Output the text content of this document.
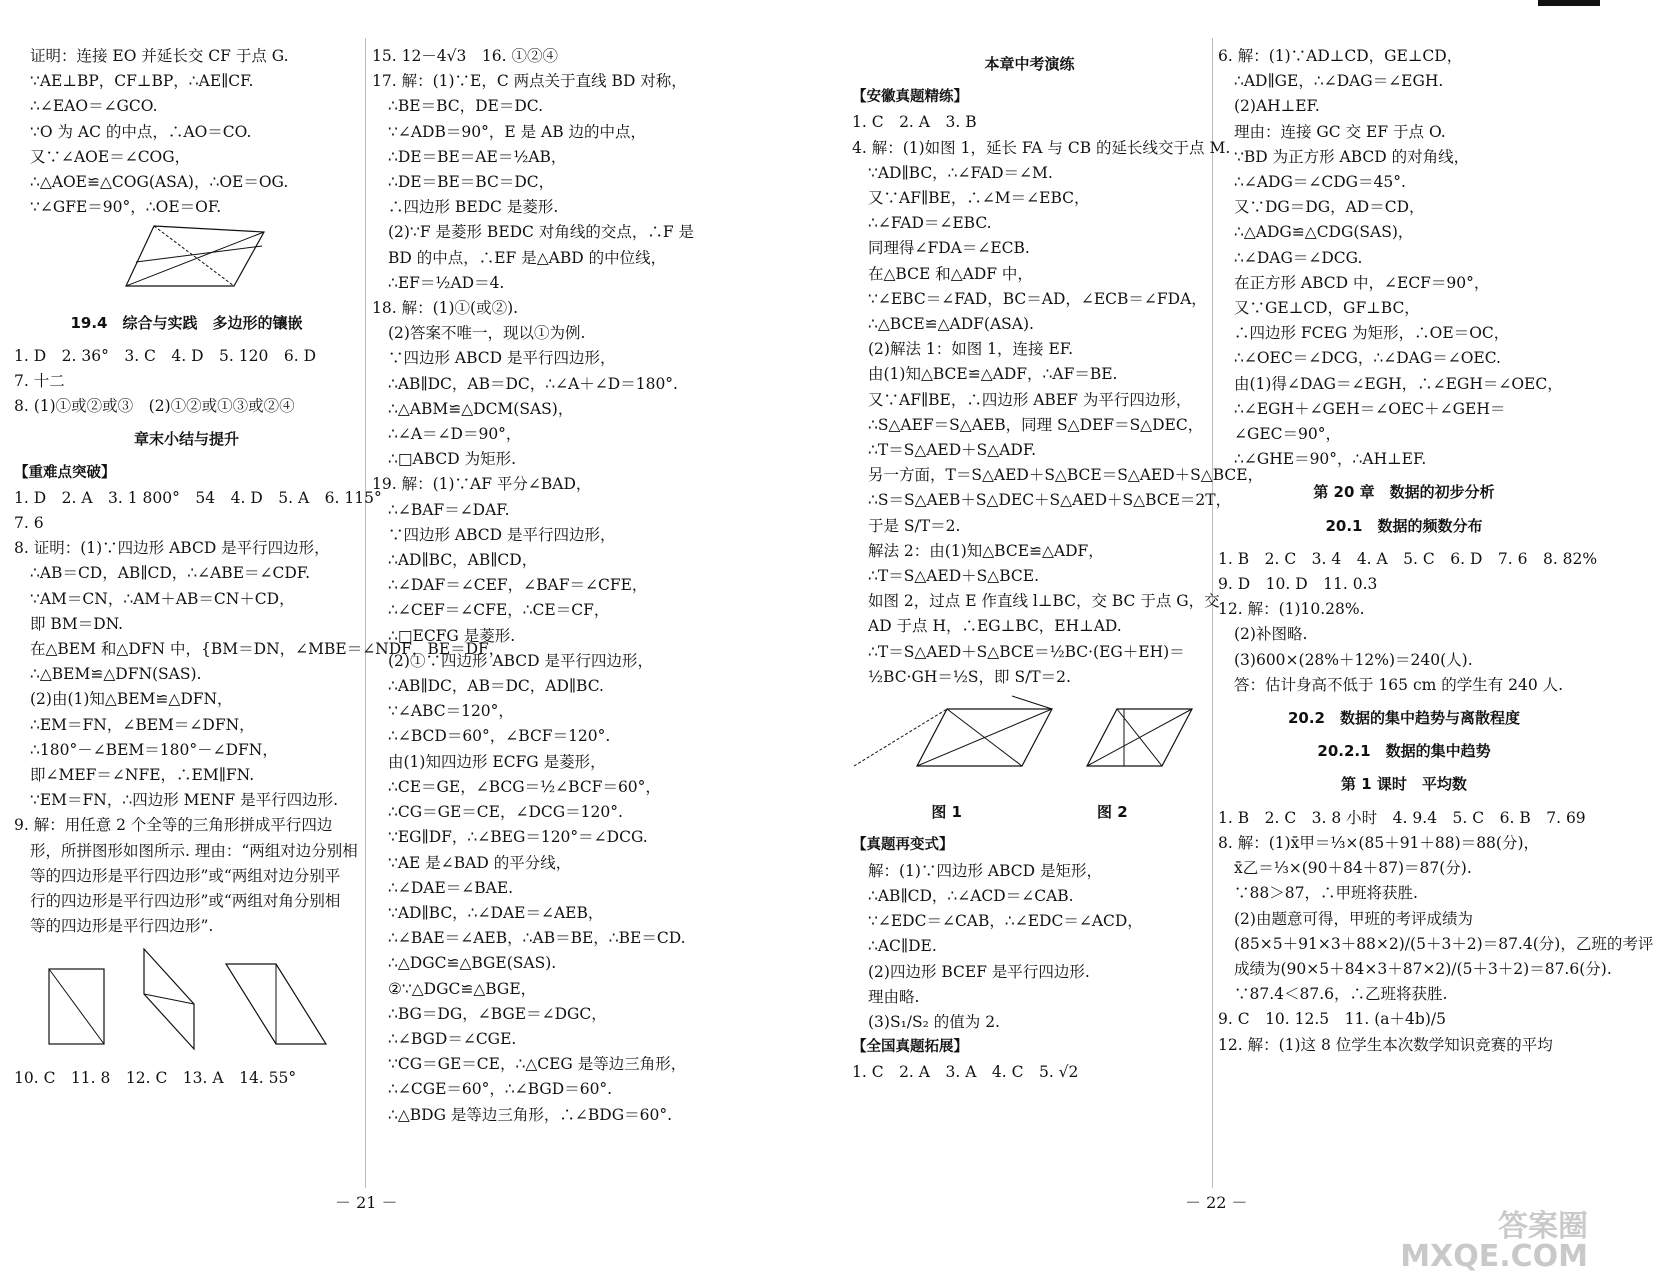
证明：连接 EO 并延长交 CF 于点 G.
∵AE⊥BP，CF⊥BP，∴AE∥CF.
∴∠EAO＝∠GCO.
∵O 为 AC 的中点，∴AO＝CO.
又∵∠AOE＝∠COG，
∴△AOE≌△COG(ASA)，∴OE＝OG.
∵∠GFE＝90°，∴OE＝OF.
19.4　综合与实践　多边形的镶嵌
1. D　2. 36°　3. C　4. D　5. 120　6. D
7. 十二
8. (1)①或②或③　(2)①②或①③或②④
章末小结与提升
【重难点突破】
1. D　2. A　3. 1 800°　54　4. D　5. A　6. 115°
7. 6
8. 证明：(1)∵四边形 ABCD 是平行四边形，
∴AB＝CD，AB∥CD，∴∠ABE＝∠CDF.
∵AM＝CN，∴AM＋AB＝CN＋CD，
即 BM＝DN.
在△BEM 和△DFN 中，{BM＝DN，∠MBE＝∠NDF，BE＝DF，
∴△BEM≌△DFN(SAS).
(2)由(1)知△BEM≌△DFN，
∴EM＝FN，∠BEM＝∠DFN，
∴180°－∠BEM＝180°－∠DFN，
即∠MEF＝∠NFE，∴EM∥FN.
∵EM＝FN，∴四边形 MENF 是平行四边形.
9. 解：用任意 2 个全等的三角形拼成平行四边
形，所拼图形如图所示. 理由：“两组对边分别相
等的四边形是平行四边形”或“两组对边分别平
行的四边形是平行四边形”或“两组对角分别相
等的四边形是平行四边形”.
10. C　11. 8　12. C　13. A　14. 55°
15. 12－4√3　16. ①②④
17. 解：(1)∵E，C 两点关于直线 BD 对称，
∴BE＝BC，DE＝DC.
∵∠ADB＝90°，E 是 AB 边的中点，
∴DE＝BE＝AE＝½AB，
∴DE＝BE＝BC＝DC，
∴四边形 BEDC 是菱形.
(2)∵F 是菱形 BEDC 对角线的交点，∴F 是
BD 的中点，∴EF 是△ABD 的中位线，
∴EF＝½AD＝4.
18. 解：(1)①(或②).
(2)答案不唯一，现以①为例.
∵四边形 ABCD 是平行四边形，
∴AB∥DC，AB＝DC，∴∠A＋∠D＝180°.
∴△ABM≌△DCM(SAS)，
∴∠A＝∠D＝90°，
∴□ABCD 为矩形.
19. 解：(1)∵AF 平分∠BAD，
∴∠BAF＝∠DAF.
∵四边形 ABCD 是平行四边形，
∴AD∥BC，AB∥CD，
∴∠DAF＝∠CEF，∠BAF＝∠CFE，
∴∠CEF＝∠CFE，∴CE＝CF，
∴□ECFG 是菱形.
(2)①∵四边形 ABCD 是平行四边形，
∴AB∥DC，AB＝DC，AD∥BC.
∵∠ABC＝120°，
∴∠BCD＝60°，∠BCF＝120°.
由(1)知四边形 ECFG 是菱形，
∴CE＝GE，∠BCG＝½∠BCF＝60°，
∴CG＝GE＝CE，∠DCG＝120°.
∵EG∥DF，∴∠BEG＝120°＝∠DCG.
∵AE 是∠BAD 的平分线，
∴∠DAE＝∠BAE.
∵AD∥BC，∴∠DAE＝∠AEB，
∴∠BAE＝∠AEB，∴AB＝BE，∴BE＝CD.
∴△DGC≌△BGE(SAS).
②∵△DGC≌△BGE，
∴BG＝DG，∠BGE＝∠DGC，
∴∠BGD＝∠CGE.
∵CG＝GE＝CE，∴△CEG 是等边三角形，
∴∠CGE＝60°，∴∠BGD＝60°.
∴△BDG 是等边三角形，∴∠BDG＝60°.
本章中考演练
【安徽真题精练】
1. C　2. A　3. B
4. 解：(1)如图 1，延长 FA 与 CB 的延长线交于点 M.
∵AD∥BC，∴∠FAD＝∠M.
又∵AF∥BE，∴∠M＝∠EBC，
∴∠FAD＝∠EBC.
同理得∠FDA＝∠ECB.
在△BCE 和△ADF 中，
∵∠EBC＝∠FAD，BC＝AD，∠ECB＝∠FDA，
∴△BCE≌△ADF(ASA).
(2)解法 1：如图 1，连接 EF.
由(1)知△BCE≌△ADF，∴AF＝BE.
又∵AF∥BE，∴四边形 ABEF 为平行四边形，
∴S△AEF＝S△AEB，同理 S△DEF＝S△DEC，
∴T＝S△AED＋S△ADF.
另一方面，T＝S△AED＋S△BCE＝S△AED＋S△BCE，
∴S＝S△AEB＋S△DEC＋S△AED＋S△BCE＝2T，
于是 S/T＝2.
解法 2：由(1)知△BCE≌△ADF，
∴T＝S△AED＋S△BCE.
如图 2，过点 E 作直线 l⊥BC，交 BC 于点 G，交
AD 于点 H，∴EG⊥BC，EH⊥AD.
∴T＝S△AED＋S△BCE＝½BC·(EG＋EH)＝
½BC·GH＝½S，即 S/T＝2.
图 1　　　　　　　　　图 2
【真题再变式】
解：(1)∵四边形 ABCD 是矩形，
∴AB∥CD，∴∠ACD＝∠CAB.
∵∠EDC＝∠CAB，∴∠EDC＝∠ACD，
∴AC∥DE.
(2)四边形 BCEF 是平行四边形.
理由略.
(3)S₁/S₂ 的值为 2.
【全国真题拓展】
1. C　2. A　3. A　4. C　5. √2
6. 解：(1)∵AD⊥CD，GE⊥CD，
∴AD∥GE，∴∠DAG＝∠EGH.
(2)AH⊥EF.
理由：连接 GC 交 EF 于点 O.
∵BD 为正方形 ABCD 的对角线，
∴∠ADG＝∠CDG＝45°.
又∵DG＝DG，AD＝CD，
∴△ADG≌△CDG(SAS)，
∴∠DAG＝∠DCG.
在正方形 ABCD 中，∠ECF＝90°，
又∵GE⊥CD，GF⊥BC，
∴四边形 FCEG 为矩形，∴OE＝OC，
∴∠OEC＝∠DCG，∴∠DAG＝∠OEC.
由(1)得∠DAG＝∠EGH，∴∠EGH＝∠OEC，
∴∠EGH＋∠GEH＝∠OEC＋∠GEH＝
∠GEC＝90°，
∴∠GHE＝90°，∴AH⊥EF.
第 20 章　数据的初步分析
20.1　数据的频数分布
1. B　2. C　3. 4　4. A　5. C　6. D　7. 6　8. 82%
9. D　10. D　11. 0.3
12. 解：(1)10.28%.
(2)补图略.
(3)600×(28%＋12%)＝240(人).
答：估计身高不低于 165 cm 的学生有 240 人.
20.2　数据的集中趋势与离散程度
20.2.1　数据的集中趋势
第 1 课时　平均数
1. B　2. C　3. 8 小时　4. 9.4　5. C　6. B　7. 69
8. 解：(1)x̄甲＝⅓×(85＋91＋88)＝88(分)，
x̄乙＝⅓×(90＋84＋87)＝87(分).
∵88＞87，∴甲班将获胜.
(2)由题意可得，甲班的考评成绩为
(85×5＋91×3＋88×2)/(5＋3＋2)＝87.4(分)，乙班的考评
成绩为(90×5＋84×3＋87×2)/(5＋3＋2)＝87.6(分).
∵87.4＜87.6，∴乙班将获胜.
9. C　10. 12.5　11. (a＋4b)/5
12. 解：(1)这 8 位学生本次数学知识竞赛的平均
－ 21 －	－ 22 －
答案圈
MXQE.COM
